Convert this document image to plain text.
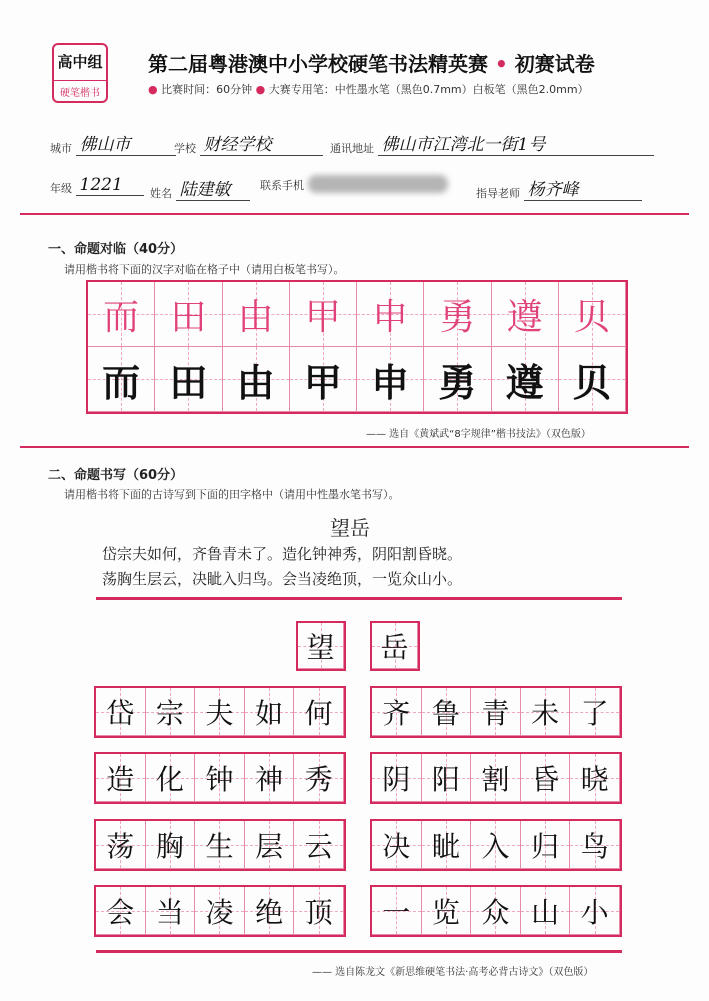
高中组
硬笔楷书
第二届粤港澳中小学校硬笔书法精英赛 • 初赛试卷
● 比赛时间：60分钟 ● 大赛专用笔：中性墨水笔（黑色0.7mm）白板笔（黑色2.0mm）
城市 佛山市	学校 财经学校	通讯地址 佛山市江湾北一街1号
年级 1221	姓名 陆建敏	联系手机
指导老师 杨齐峰
一、命题对临（40分）
请用楷书将下面的汉字对临在格子中（请用白板笔书写）。
而 田 由 甲 申 勇 遵 贝
而 田 由 甲 申 勇 遵 贝
—— 选自《黄斌武“8字规律”楷书技法》（双色版）
二、命题书写（60分）
请用楷书将下面的古诗写到下面的田字格中（请用中性墨水笔书写）。
望岳
岱宗夫如何，齐鲁青未了。造化钟神秀，阴阳割昏晓。
荡胸生层云，决眦入归鸟。会当凌绝顶，一览众山小。
望 岳
岱 宗 夫 如 何 齐 鲁 青 未 了
造 化 钟 神 秀 阴 阳 割 昏 晓
荡 胸 生 层 云 决 眦 入 归 鸟
会 当 凌 绝 顶 一 览 众 山 小
—— 选自陈龙文《新思维硬笔书法·高考必背古诗文》（双色版）
